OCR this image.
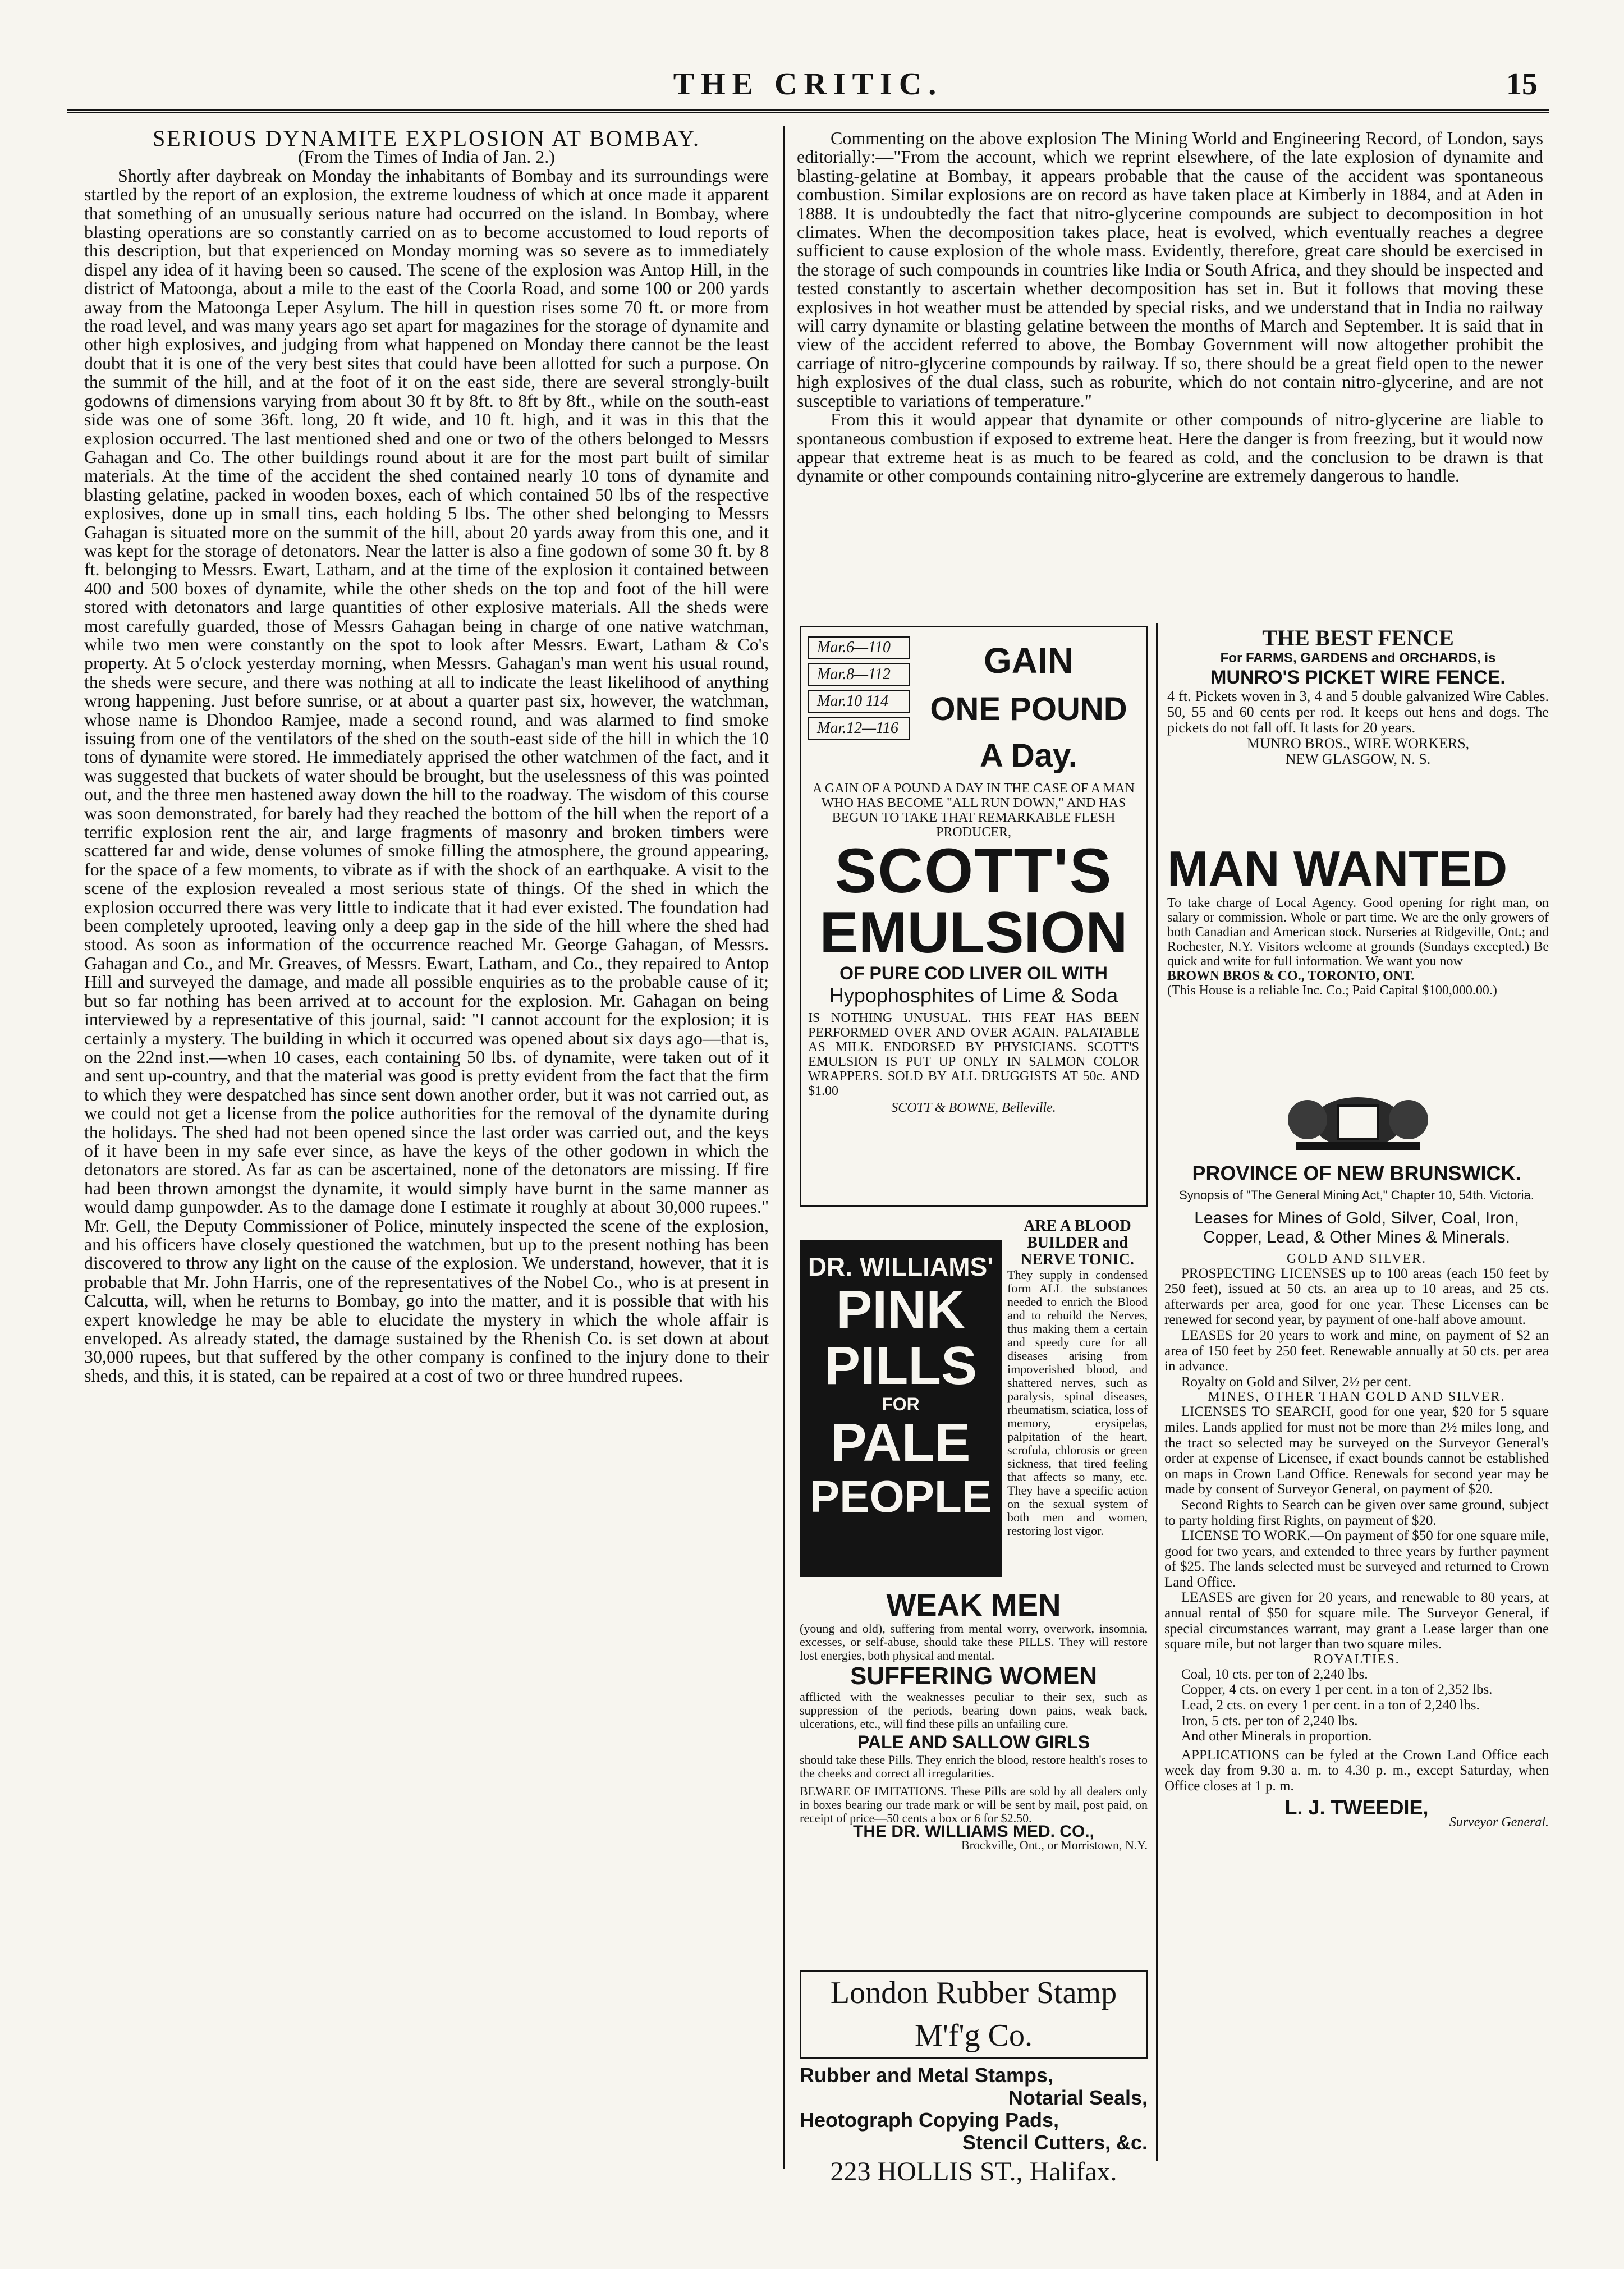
THE CRITIC.	15

SERIOUS DYNAMITE EXPLOSION AT BOMBAY.

(From the Times of India of Jan. 2.)

Shortly after daybreak on Monday the inhabitants of Bombay and its surroundings were startled by the report of an explosion, the extreme loudness of which at once made it apparent that something of an unusually serious nature had occurred on the island. In Bombay, where blasting operations are so constantly carried on as to become accustomed to loud reports of this description, but that experienced on Monday morning was so severe as to immediately dispel any idea of it having been so caused. The scene of the explosion was Antop Hill, in the district of Matoonga, about a mile to the east of the Coorla Road, and some 100 or 200 yards away from the Matoonga Leper Asylum. The hill in question rises some 70 ft. or more from the road level, and was many years ago set apart for magazines for the storage of dynamite and other high explosives, and judging from what happened on Monday there cannot be the least doubt that it is one of the very best sites that could have been allotted for such a purpose. On the summit of the hill, and at the foot of it on the east side, there are several strongly-built godowns of dimensions varying from about 30 ft by 8ft. to 8ft by 8ft., while on the south-east side was one of some 36ft. long, 20 ft wide, and 10 ft. high, and it was in this that the explosion occurred. The last mentioned shed and one or two of the others belonged to Messrs Gahagan and Co. The other buildings round about it are for the most part built of similar materials. At the time of the accident the shed contained nearly 10 tons of dynamite and blasting gelatine, packed in wooden boxes, each of which contained 50 lbs of the respective explosives, done up in small tins, each holding 5 lbs. The other shed belonging to Messrs Gahagan is situated more on the summit of the hill, about 20 yards away from this one, and it was kept for the storage of detonators. Near the latter is also a fine godown of some 30 ft. by 8 ft. belonging to Messrs. Ewart, Latham, and at the time of the explosion it contained between 400 and 500 boxes of dynamite, while the other sheds on the top and foot of the hill were stored with detonators and large quantities of other explosive materials. All the sheds were most carefully guarded, those of Messrs Gahagan being in charge of one native watchman, while two men were constantly on the spot to look after Messrs. Ewart, Latham & Co's property. At 5 o'clock yesterday morning, when Messrs. Gahagan's man went his usual round, the sheds were secure, and there was nothing at all to indicate the least likelihood of anything wrong happening. Just before sunrise, or at about a quarter past six, however, the watchman, whose name is Dhondoo Ramjee, made a second round, and was alarmed to find smoke issuing from one of the ventilators of the shed on the south-east side of the hill in which the 10 tons of dynamite were stored. He immediately apprised the other watchmen of the fact, and it was suggested that buckets of water should be brought, but the uselessness of this was pointed out, and the three men hastened away down the hill to the roadway. The wisdom of this course was soon demonstrated, for barely had they reached the bottom of the hill when the report of a terrific explosion rent the air, and large fragments of masonry and broken timbers were scattered far and wide, dense volumes of smoke filling the atmosphere, the ground appearing, for the space of a few moments, to vibrate as if with the shock of an earthquake. A visit to the scene of the explosion revealed a most serious state of things. Of the shed in which the explosion occurred there was very little to indicate that it had ever existed. The foundation had been completely uprooted, leaving only a deep gap in the side of the hill where the shed had stood. As soon as information of the occurrence reached Mr. George Gahagan, of Messrs. Gahagan and Co., and Mr. Greaves, of Messrs. Ewart, Latham, and Co., they repaired to Antop Hill and surveyed the damage, and made all possible enquiries as to the probable cause of it; but so far nothing has been arrived at to account for the explosion. Mr. Gahagan on being interviewed by a representative of this journal, said: "I cannot account for the explosion; it is certainly a mystery. The building in which it occurred was opened about six days ago—that is, on the 22nd inst.—when 10 cases, each containing 50 lbs. of dynamite, were taken out of it and sent up-country, and that the material was good is pretty evident from the fact that the firm to which they were despatched has since sent down another order, but it was not carried out, as we could not get a license from the police authorities for the removal of the dynamite during the holidays. The shed had not been opened since the last order was carried out, and the keys of it have been in my safe ever since, as have the keys of the other godown in which the detonators are stored. As far as can be ascertained, none of the detonators are missing. If fire had been thrown amongst the dynamite, it would simply have burnt in the same manner as would damp gunpowder. As to the damage done I estimate it roughly at about 30,000 rupees." Mr. Gell, the Deputy Commissioner of Police, minutely inspected the scene of the explosion, and his officers have closely questioned the watchmen, but up to the present nothing has been discovered to throw any light on the cause of the explosion. We understand, however, that it is probable that Mr. John Harris, one of the representatives of the Nobel Co., who is at present in Calcutta, will, when he returns to Bombay, go into the matter, and it is possible that with his expert knowledge he may be able to elucidate the mystery in which the whole affair is enveloped. As already stated, the damage sustained by the Rhenish Co. is set down at about 30,000 rupees, but that suffered by the other company is confined to the injury done to their sheds, and this, it is stated, can be repaired at a cost of two or three hundred rupees.

Commenting on the above explosion The Mining World and Engineering Record, of London, says editorially:—"From the account, which we reprint elsewhere, of the late explosion of dynamite and blasting-gelatine at Bombay, it appears probable that the cause of the accident was spontaneous combustion. Similar explosions are on record as have taken place at Kimberly in 1884, and at Aden in 1888. It is undoubtedly the fact that nitro-glycerine compounds are subject to decomposition in hot climates. When the decomposition takes place, heat is evolved, which eventually reaches a degree sufficient to cause explosion of the whole mass. Evidently, therefore, great care should be exercised in the storage of such compounds in countries like India or South Africa, and they should be inspected and tested constantly to ascertain whether decomposition has set in. But it follows that moving these explosives in hot weather must be attended by special risks, and we understand that in India no railway will carry dynamite or blasting gelatine between the months of March and September. It is said that in view of the accident referred to above, the Bombay Government will now altogether prohibit the carriage of nitro-glycerine compounds by railway. If so, there should be a great field open to the newer high explosives of the dual class, such as roburite, which do not contain nitro-glycerine, and are not susceptible to variations of temperature."

From this it would appear that dynamite or other compounds of nitro-glycerine are liable to spontaneous combustion if exposed to extreme heat. Here the danger is from freezing, but it would now appear that extreme heat is as much to be feared as cold, and the conclusion to be drawn is that dynamite or other compounds containing nitro-glycerine are extremely dangerous to handle.

Mar.6—110
Mar.8—112
Mar.10 114
Mar.12—116
GAIN
ONE POUND
A Day.
A GAIN OF A POUND A DAY IN THE CASE OF A MAN WHO HAS BECOME "ALL RUN DOWN," AND HAS BEGUN TO TAKE THAT REMARKABLE FLESH PRODUCER,
SCOTT'S
EMULSION
OF PURE COD LIVER OIL WITH
Hypophosphites of Lime & Soda
IS NOTHING UNUSUAL. THIS FEAT HAS BEEN PERFORMED OVER AND OVER AGAIN. PALATABLE AS MILK. ENDORSED BY PHYSICIANS. SCOTT'S EMULSION IS PUT UP ONLY IN SALMON COLOR WRAPPERS. SOLD BY ALL DRUGGISTS AT 50c. AND $1.00
SCOTT & BOWNE, Belleville.
THE BEST FENCE
For FARMS, GARDENS and ORCHARDS, is
MUNRO'S PICKET WIRE FENCE.
4 ft. Pickets woven in 3, 4 and 5 double galvanized Wire Cables. 50, 55 and 60 cents per rod. It keeps out hens and dogs. The pickets do not fall off. It lasts for 20 years.
MUNRO BROS., WIRE WORKERS,
NEW GLASGOW, N. S.
MAN WANTED
To take charge of Local Agency. Good opening for right man, on salary or commission. Whole or part time. We are the only growers of both Canadian and American stock. Nurseries at Ridgeville, Ont.; and Rochester, N.Y. Visitors welcome at grounds (Sundays excepted.) Be quick and write for full information. We want you now
BROWN BROS & CO., TORONTO, ONT.
(This House is a reliable Inc. Co.; Paid Capital $100,000.00.)
PROVINCE OF NEW BRUNSWICK.
Synopsis of "The General Mining Act," Chapter 10, 54th. Victoria.
Leases for Mines of Gold, Silver, Coal, Iron, Copper, Lead, & Other Mines & Minerals.
GOLD AND SILVER.

PROSPECTING LICENSES up to 100 areas (each 150 feet by 250 feet), issued at 50 cts. an area up to 10 areas, and 25 cts. afterwards per area, good for one year. These Licenses can be renewed for second year, by payment of one-half above amount.

LEASES for 20 years to work and mine, on payment of $2 an area of 150 feet by 250 feet. Renewable annually at 50 cts. per area in advance.

Royalty on Gold and Silver, 2½ per cent.

MINES, OTHER THAN GOLD AND SILVER.

LICENSES TO SEARCH, good for one year, $20 for 5 square miles. Lands applied for must not be more than 2½ miles long, and the tract so selected may be surveyed on the Surveyor General's order at expense of Licensee, if exact bounds cannot be established on maps in Crown Land Office. Renewals for second year may be made by consent of Surveyor General, on payment of $20.

Second Rights to Search can be given over same ground, subject to party holding first Rights, on payment of $20.

LICENSE TO WORK.—On payment of $50 for one square mile, good for two years, and extended to three years by further payment of $25. The lands selected must be surveyed and returned to Crown Land Office.

LEASES are given for 20 years, and renewable to 80 years, at annual rental of $50 for square mile. The Surveyor General, if special circumstances warrant, may grant a Lease larger than one square mile, but not larger than two square miles.

ROYALTIES.
Coal, 10 cts. per ton of 2,240 lbs.
Copper, 4 cts. on every 1 per cent. in a ton of 2,352 lbs.
Lead, 2 cts. on every 1 per cent. in a ton of 2,240 lbs.
Iron, 5 cts. per ton of 2,240 lbs.
And other Minerals in proportion.

APPLICATIONS can be fyled at the Crown Land Office each week day from 9.30 a. m. to 4.30 p. m., except Saturday, when Office closes at 1 p. m.

L. J. TWEEDIE,
Surveyor General.
DR. WILLIAMS'
PINK
PILLS
FOR
PALE
PEOPLE
ARE A BLOOD BUILDER and NERVE TONIC.
They supply in condensed form ALL the substances needed to enrich the Blood and to rebuild the Nerves, thus making them a certain and speedy cure for all diseases arising from impoverished blood, and shattered nerves, such as paralysis, spinal diseases, rheumatism, sciatica, loss of memory, erysipelas, palpitation of the heart, scrofula, chlorosis or green sickness, that tired feeling that affects so many, etc. They have a specific action on the sexual system of both men and women, restoring lost vigor.
WEAK MEN
(young and old), suffering from mental worry, overwork, insomnia, excesses, or self-abuse, should take these PILLS. They will restore lost energies, both physical and mental.
SUFFERING WOMEN
afflicted with the weaknesses peculiar to their sex, such as suppression of the periods, bearing down pains, weak back, ulcerations, etc., will find these pills an unfailing cure.
PALE AND SALLOW GIRLS
should take these Pills. They enrich the blood, restore health's roses to the cheeks and correct all irregularities.
BEWARE OF IMITATIONS. These Pills are sold by all dealers only in boxes bearing our trade mark or will be sent by mail, post paid, on receipt of price—50 cents a box or 6 for $2.50.
THE DR. WILLIAMS MED. CO.,
Brockville, Ont., or Morristown, N.Y.
London Rubber Stamp M'f'g Co.
Rubber and Metal Stamps,
Notarial Seals,
Heotograph Copying Pads,
Stencil Cutters, &c.
223 HOLLIS ST., Halifax.
